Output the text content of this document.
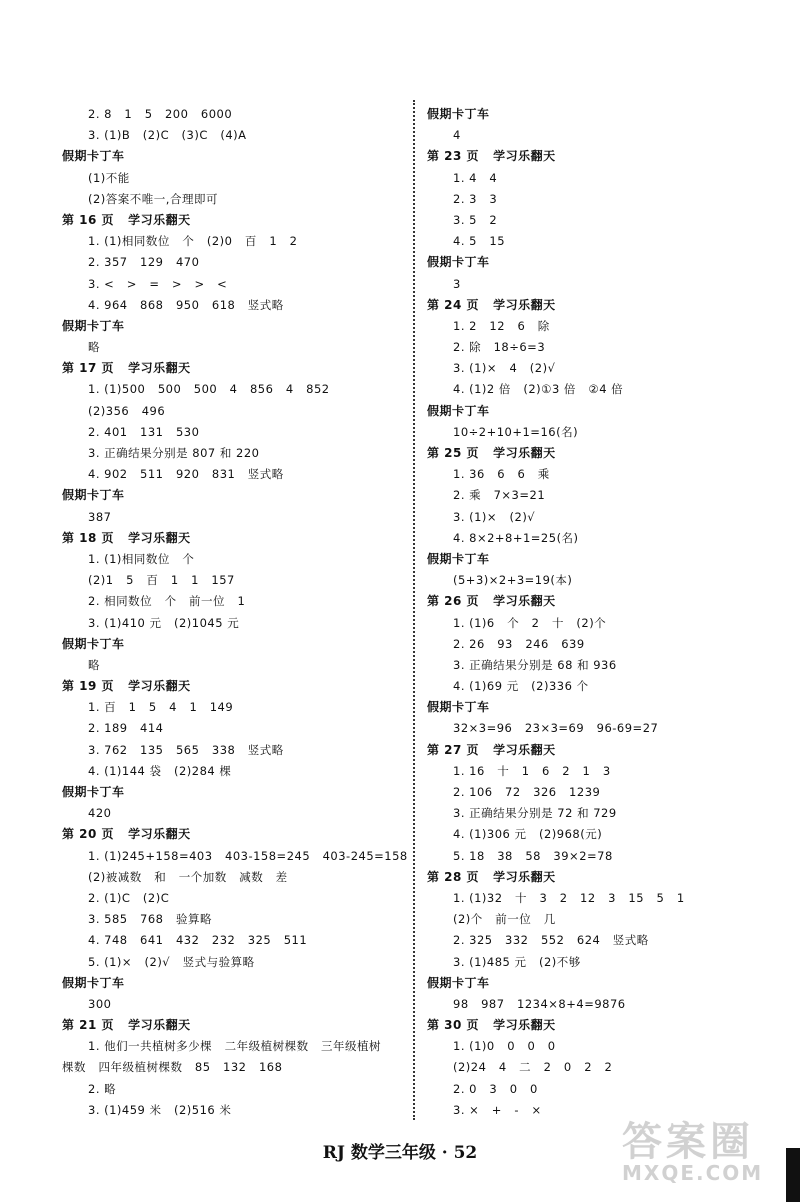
2. 8   1   5   200   6000
3. (1)B   (2)C   (3)C   (4)A
假期卡丁车
(1)不能
(2)答案不唯一,合理即可
第 16 页   学习乐翻天
1. (1)相同数位   个   (2)0   百   1   2
2. 357   129   470
3. <   >   =   >   >   <
4. 964   868   950   618   竖式略
假期卡丁车
略
第 17 页   学习乐翻天
1. (1)500   500   500   4   856   4   852
(2)356   496
2. 401   131   530
3. 正确结果分别是 807 和 220
4. 902   511   920   831   竖式略
假期卡丁车
387
第 18 页   学习乐翻天
1. (1)相同数位   个
(2)1   5   百   1   1   157
2. 相同数位   个   前一位   1
3. (1)410 元   (2)1045 元
假期卡丁车
略
第 19 页   学习乐翻天
1. 百   1   5   4   1   149
2. 189   414
3. 762   135   565   338   竖式略
4. (1)144 袋   (2)284 棵
假期卡丁车
420
第 20 页   学习乐翻天
1. (1)245+158=403   403-158=245   403-245=158
(2)被减数   和   一个加数   减数   差
2. (1)C   (2)C
3. 585   768   验算略
4. 748   641   432   232   325   511
5. (1)×   (2)√   竖式与验算略
假期卡丁车
300
第 21 页   学习乐翻天
1. 他们一共植树多少棵   二年级植树棵数   三年级植树
棵数   四年级植树棵数   85   132   168
2. 略
3. (1)459 米   (2)516 米
假期卡丁车
4
第 23 页   学习乐翻天
1. 4   4
2. 3   3
3. 5   2
4. 5   15
假期卡丁车
3
第 24 页   学习乐翻天
1. 2   12   6   除
2. 除   18÷6=3
3. (1)×   4   (2)√
4. (1)2 倍   (2)①3 倍   ②4 倍
假期卡丁车
10÷2+10+1=16(名)
第 25 页   学习乐翻天
1. 36   6   6   乘
2. 乘   7×3=21
3. (1)×   (2)√
4. 8×2+8+1=25(名)
假期卡丁车
(5+3)×2+3=19(本)
第 26 页   学习乐翻天
1. (1)6   个   2   十   (2)个
2. 26   93   246   639
3. 正确结果分别是 68 和 936
4. (1)69 元   (2)336 个
假期卡丁车
32×3=96   23×3=69   96-69=27
第 27 页   学习乐翻天
1. 16   十   1   6   2   1   3
2. 106   72   326   1239
3. 正确结果分别是 72 和 729
4. (1)306 元   (2)968(元)
5. 18   38   58   39×2=78
第 28 页   学习乐翻天
1. (1)32   十   3   2   12   3   15   5   1
(2)个   前一位   几
2. 325   332   552   624   竖式略
3. (1)485 元   (2)不够
假期卡丁车
98   987   1234×8+4=9876
第 30 页   学习乐翻天
1. (1)0   0   0   0
(2)24   4   二   2   0   2   2
2. 0   3   0   0
3. ×   +   -   ×
RJ 数学三年级 · 52	答案圈
MXQE.COM
